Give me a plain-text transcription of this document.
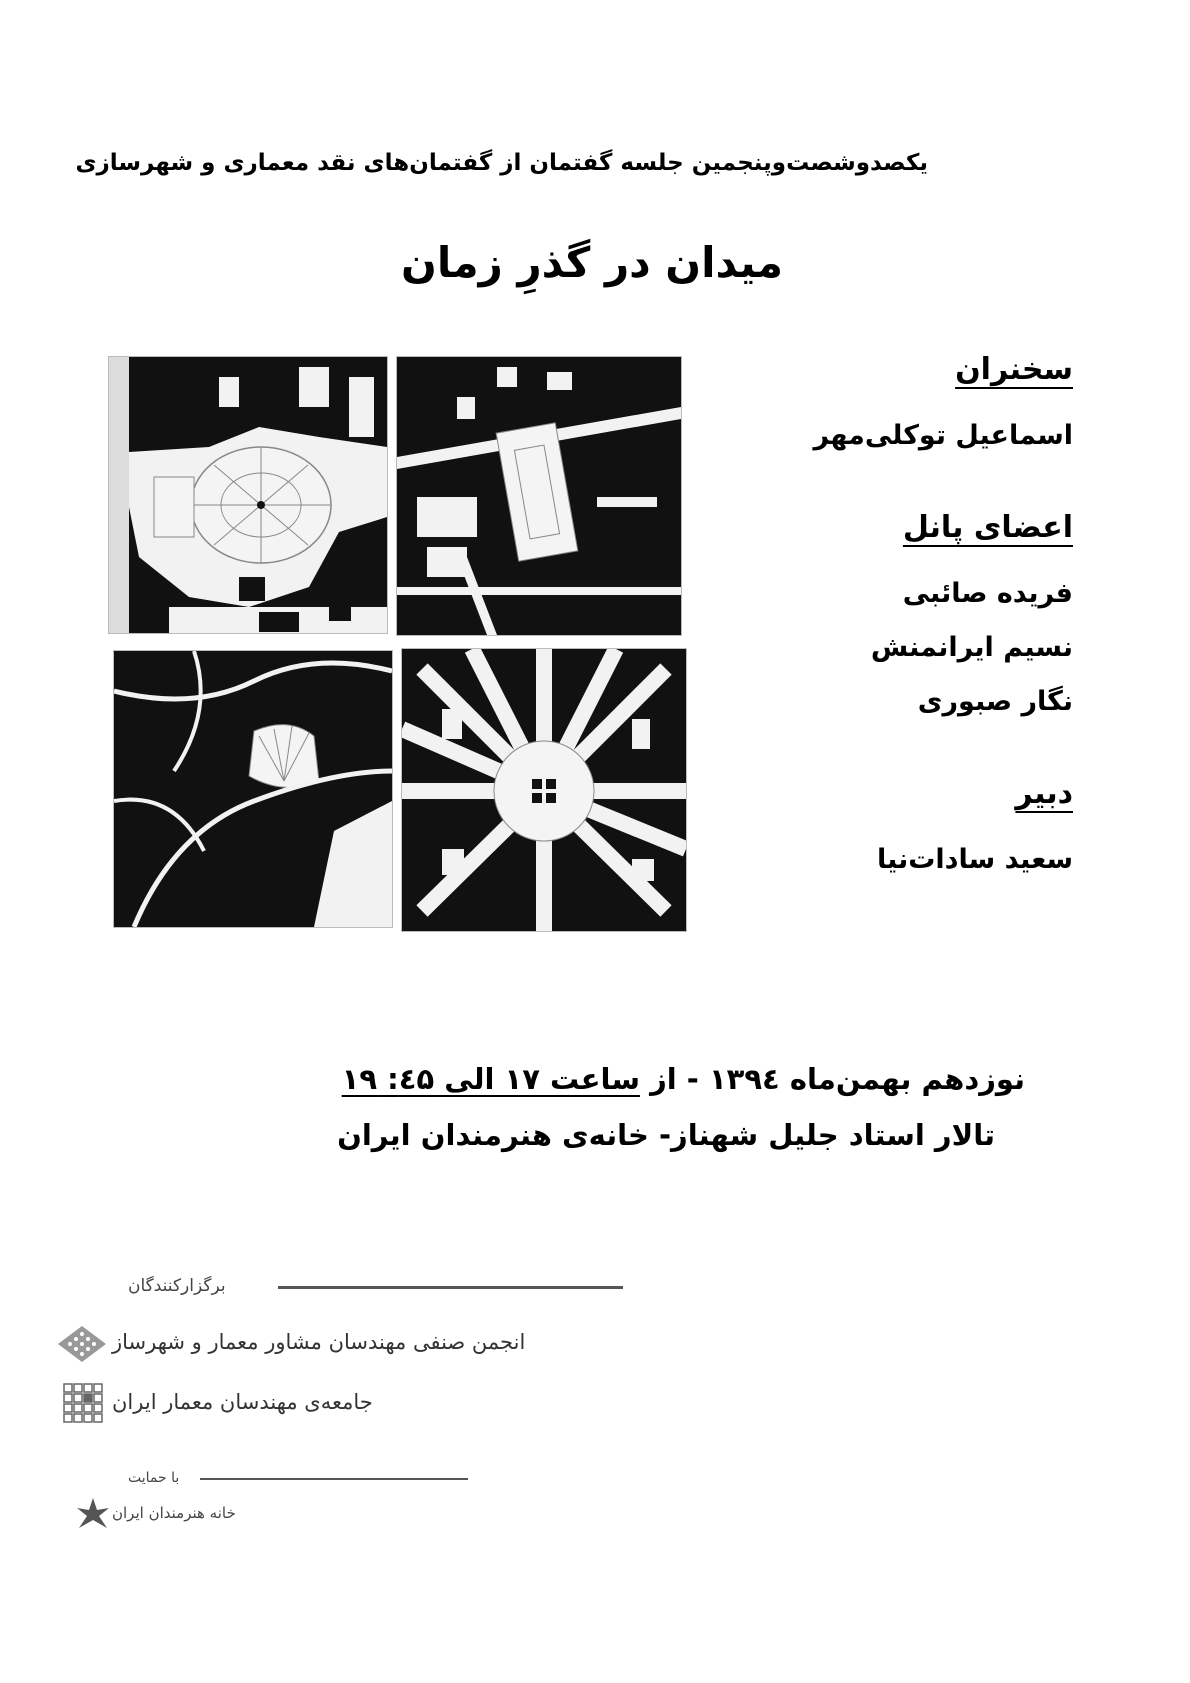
یکصدوشصت‌وپنجمین جلسه گفتمان از گفتمان‌های نقد معماری و شهرسازی
میدان در گذرِ زمان
سخنران
اسماعیل توکلی‌مهر
اعضای پانل
فریده صائبی
نسیم ایرانمنش
نگار صبوری
دبیر
سعید سادات‌نیا
نوزدهم بهمن‌ماه ۱۳۹٤ - از ساعت ۱۷ الی ٤۵: ۱۹
تالار استاد جلیل شهناز- خانه‌ی هنرمندان ایران
برگزارکنندگان
انجمن صنفی مهندسان مشاور معمار و شهرساز
جامعه‌ی مهندسان معمار ایران
با حمایت
خانه هنرمندان ایران
